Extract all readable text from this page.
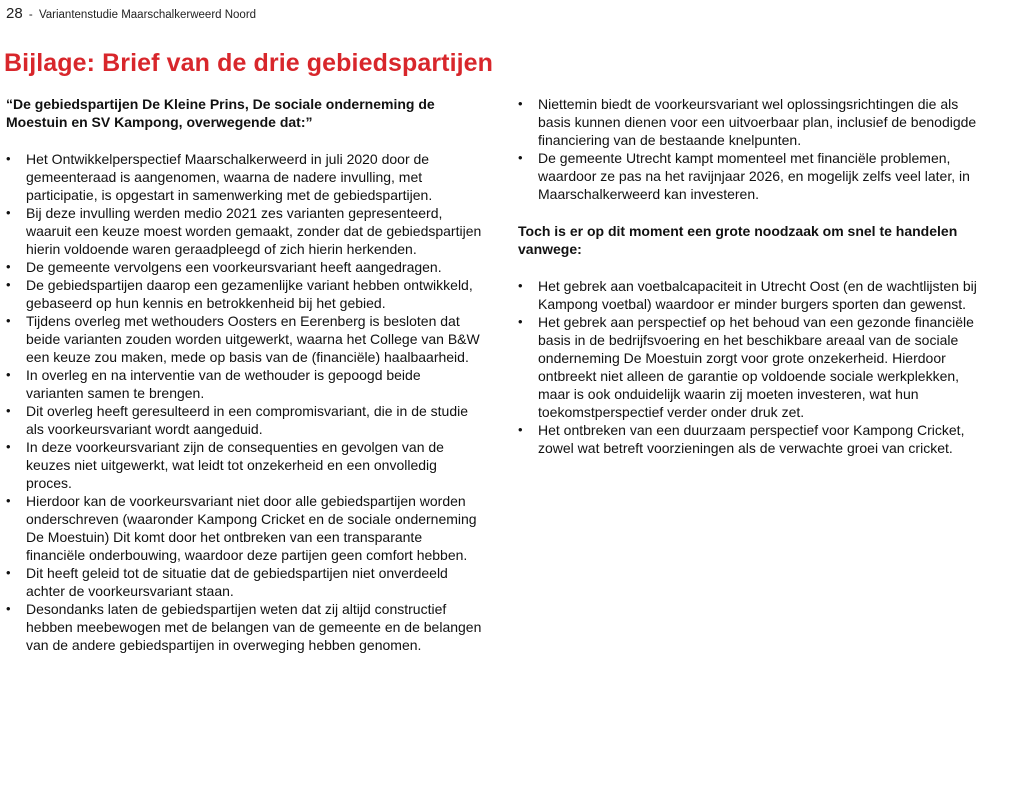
28 - Variantenstudie Maarschalkerweerd Noord
Bijlage: Brief van de drie gebiedspartijen

“De gebiedspartijen De Kleine Prins, De sociale onderneming de Moestuin en SV Kampong, overwegende dat:”

•	Het Ontwikkelperspectief Maarschalkerweerd in juli 2020 door de gemeenteraad is aangenomen, waarna de nadere invulling, met participatie, is opgestart in samenwerking met de gebiedspartijen.
•	Bij deze invulling werden medio 2021 zes varianten gepresenteerd, waaruit een keuze moest worden gemaakt, zonder dat de gebiedspartijen hierin voldoende waren geraadpleegd of zich hierin herkenden.
•	De gemeente vervolgens een voorkeursvariant heeft aangedragen.
•	De gebiedspartijen daarop een gezamenlijke variant hebben ontwikkeld, gebaseerd op hun kennis en betrokkenheid bij het gebied.
•	Tijdens overleg met wethouders Oosters en Eerenberg is besloten dat beide varianten zouden worden uitgewerkt, waarna het College van B&W een keuze zou maken, mede op basis van de (financiële) haalbaarheid.
•	In overleg en na interventie van de wethouder is gepoogd beide varianten samen te brengen.
•	Dit overleg heeft geresulteerd in een compromisvariant, die in de studie als voorkeursvariant wordt aangeduid.
•	In deze voorkeursvariant zijn de consequenties en gevolgen van de keuzes niet uitgewerkt, wat leidt tot onzekerheid en een onvolledig proces.
•	Hierdoor kan de voorkeursvariant niet door alle gebiedspartijen worden onderschreven (waaronder Kampong Cricket en de sociale onderneming De Moestuin) Dit komt door het ontbreken van een transparante financiële onderbouwing, waardoor deze partijen geen comfort hebben.
•	Dit heeft geleid tot de situatie dat de gebiedspartijen niet onverdeeld achter de voorkeursvariant staan.
•	Desondanks laten de gebiedspartijen weten dat zij altijd constructief hebben meebewogen met de belangen van de gemeente en de belangen van de andere gebiedspartijen in overweging hebben genomen.
•	Niettemin biedt de voorkeursvariant wel oplossingsrichtingen die als basis kunnen dienen voor een uitvoerbaar plan, inclusief de benodigde financiering van de bestaande knelpunten.
•	De gemeente Utrecht kampt momenteel met financiële problemen, waardoor ze pas na het ravijnjaar 2026, en mogelijk zelfs veel later, in Maarschalkerweerd kan investeren.

Toch is er op dit moment een grote noodzaak om snel te handelen vanwege:

•	Het gebrek aan voetbalcapaciteit in Utrecht Oost (en de wachtlijsten bij Kampong voetbal) waardoor er minder burgers sporten dan gewenst.
•	Het gebrek aan perspectief op het behoud van een gezonde financiële basis in de bedrijfsvoering en het beschikbare areaal van de sociale onderneming De Moestuin zorgt voor grote onzekerheid. Hierdoor ontbreekt niet alleen de garantie op voldoende sociale werkplekken, maar is ook onduidelijk waarin zij moeten investeren, wat hun toekomstperspectief verder onder druk zet.
•	Het ontbreken van een duurzaam perspectief voor Kampong Cricket, zowel wat betreft voorzieningen als de verwachte groei van cricket.
